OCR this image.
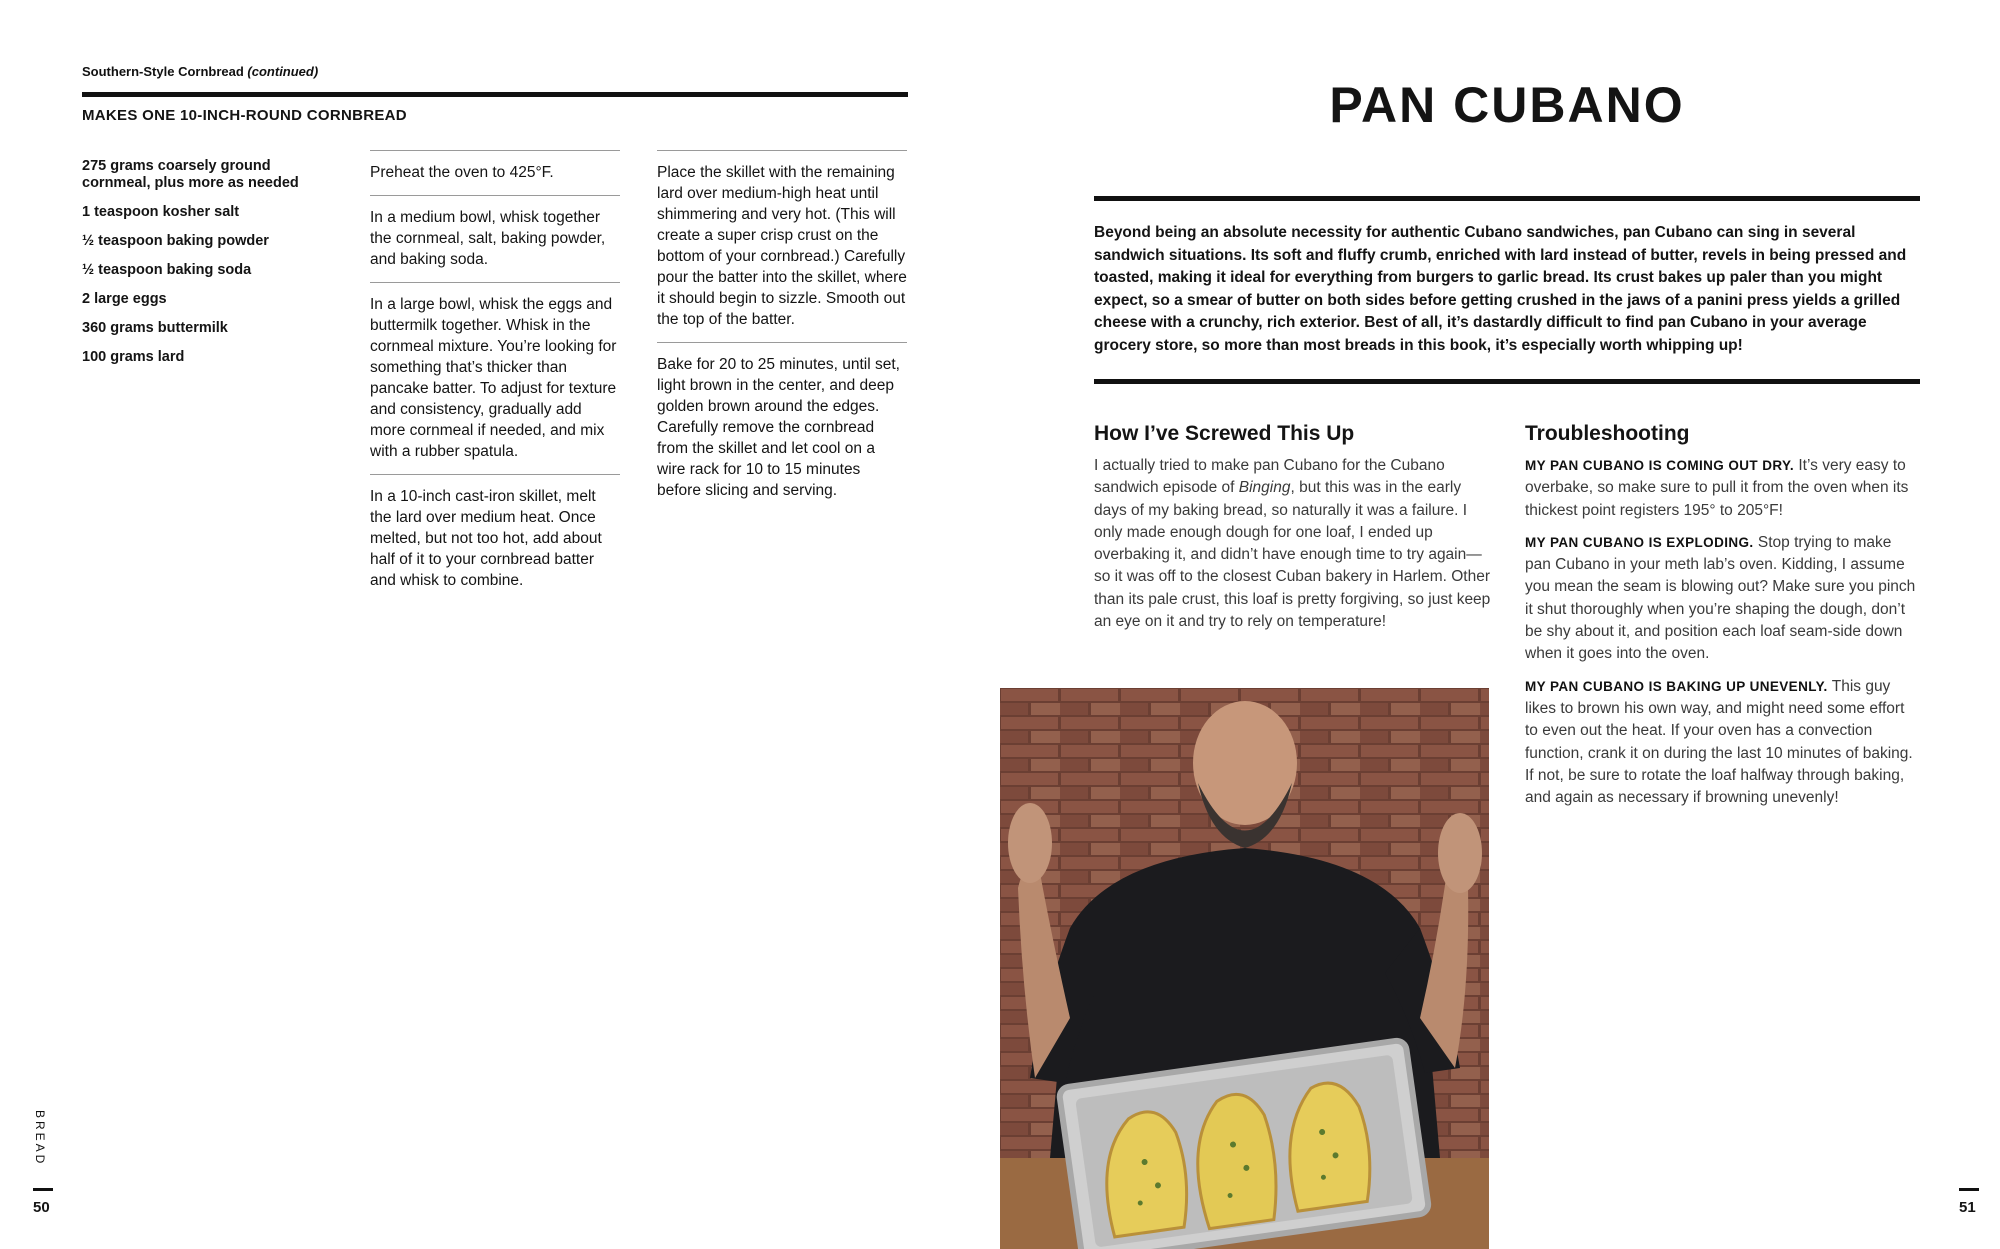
Southern-Style Cornbread (continued)
MAKES ONE 10-INCH-ROUND CORNBREAD
275 grams coarsely ground cornmeal, plus more as needed
1 teaspoon kosher salt
½ teaspoon baking powder
½ teaspoon baking soda
2 large eggs
360 grams buttermilk
100 grams lard
Preheat the oven to 425°F.
In a medium bowl, whisk together the cornmeal, salt, baking powder, and baking soda.
In a large bowl, whisk the eggs and buttermilk together. Whisk in the cornmeal mixture. You’re looking for something that’s thicker than pancake batter. To adjust for texture and consistency, gradually add more cornmeal if needed, and mix with a rubber spatula.
In a 10-inch cast-iron skillet, melt the lard over medium heat. Once melted, but not too hot, add about half of it to your cornbread batter and whisk to combine.
Place the skillet with the remaining lard over medium-high heat until shimmering and very hot. (This will create a super crisp crust on the bottom of your cornbread.) Carefully pour the batter into the skillet, where it should begin to sizzle. Smooth out the top of the batter.
Bake for 20 to 25 minutes, until set, light brown in the center, and deep golden brown around the edges. Carefully remove the cornbread from the skillet and let cool on a wire rack for 10 to 15 minutes before slicing and serving.
BREAD
50
PAN CUBANO
Beyond being an absolute necessity for authentic Cubano sandwiches, pan Cubano can sing in several sandwich situations. Its soft and fluffy crumb, enriched with lard instead of butter, revels in being pressed and toasted, making it ideal for everything from burgers to garlic bread. Its crust bakes up paler than you might expect, so a smear of butter on both sides before getting crushed in the jaws of a panini press yields a grilled cheese with a crunchy, rich exterior. Best of all, it’s dastardly difficult to find pan Cubano in your average grocery store, so more than most breads in this book, it’s especially worth whipping up!
How I’ve Screwed This Up
I actually tried to make pan Cubano for the Cubano sandwich episode of Binging, but this was in the early days of my baking bread, so naturally it was a failure. I only made enough dough for one loaf, I ended up overbaking it, and didn’t have enough time to try again—so it was off to the closest Cuban bakery in Harlem. Other than its pale crust, this loaf is pretty forgiving, so just keep an eye on it and try to rely on temperature!
Troubleshooting

MY PAN CUBANO IS COMING OUT DRY. It’s very easy to overbake, so make sure to pull it from the oven when its thickest point registers 195° to 205°F!

MY PAN CUBANO IS EXPLODING. Stop trying to make pan Cubano in your meth lab’s oven. Kidding, I assume you mean the seam is blowing out? Make sure you pinch it shut thoroughly when you’re shaping the dough, don’t be shy about it, and position each loaf seam-side down when it goes into the oven.

MY PAN CUBANO IS BAKING UP UNEVENLY. This guy likes to brown his own way, and might need some effort to even out the heat. If your oven has a convection function, crank it on during the last 10 minutes of baking. If not, be sure to rotate the loaf halfway through baking, and again as necessary if browning unevenly!

51
